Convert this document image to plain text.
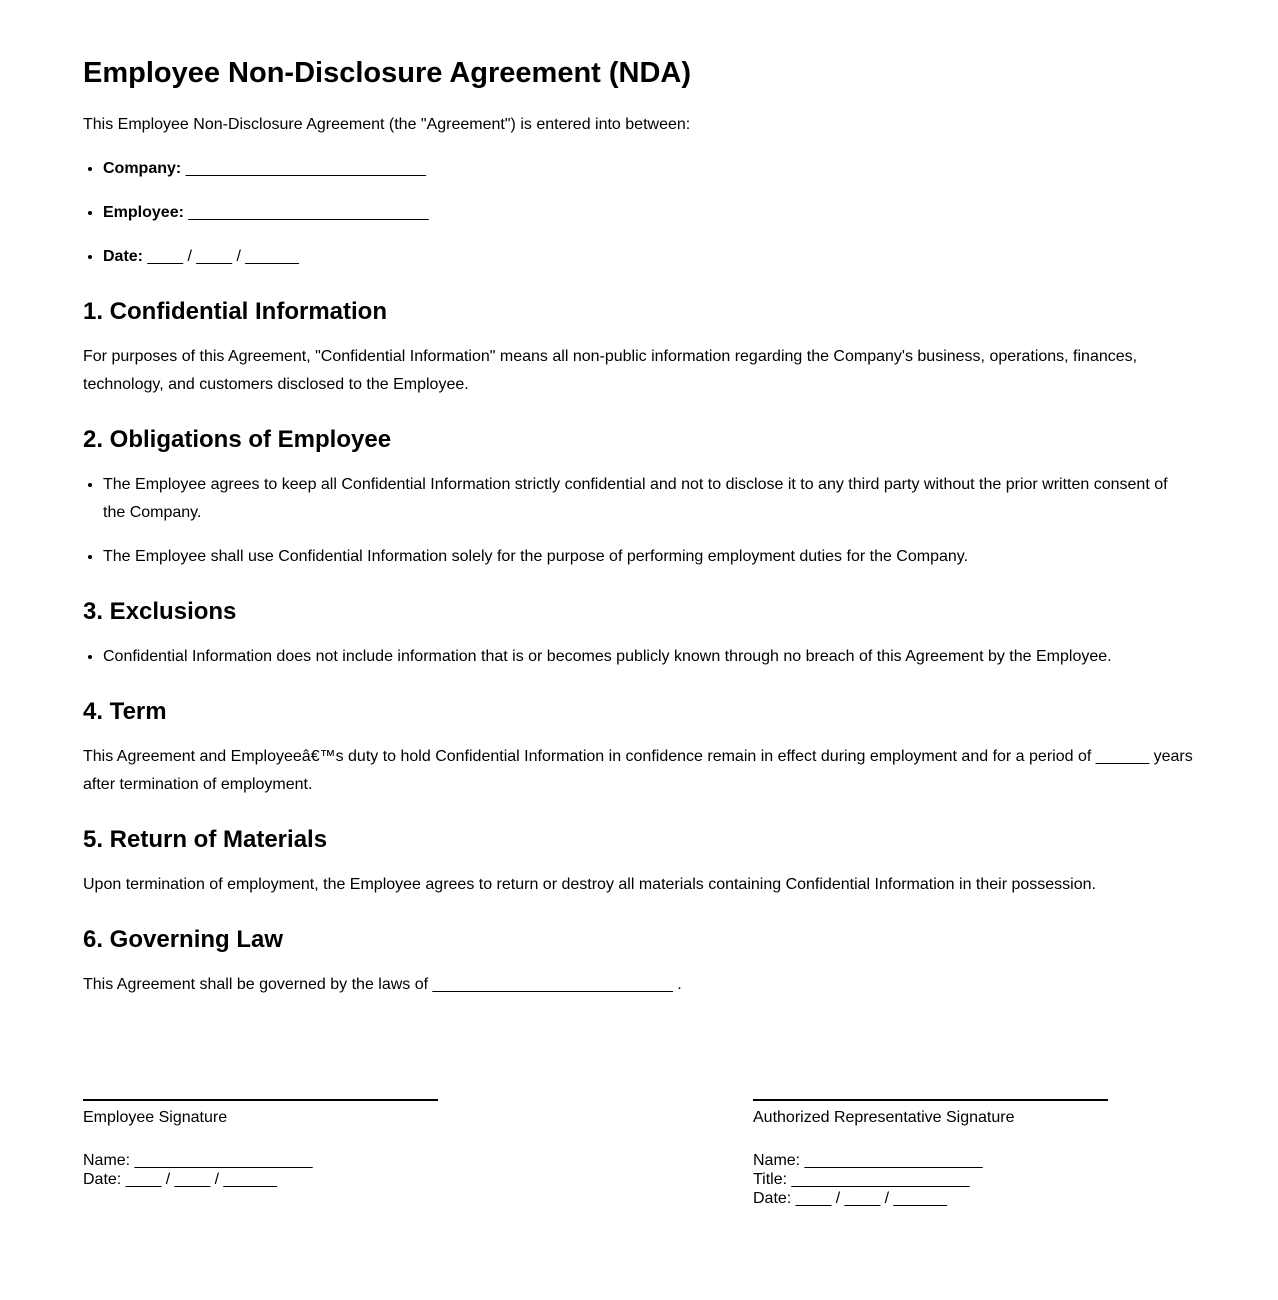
Employee Non-Disclosure Agreement (NDA)

This Employee Non-Disclosure Agreement (the "Agreement") is entered into between:

• Company: ___________________________
• Employee: ___________________________
• Date: ____ / ____ / ______
1. Confidential Information

For purposes of this Agreement, "Confidential Information" means all non-public information regarding the Company's business, operations, finances, technology, and customers disclosed to the Employee.

2. Obligations of Employee
• The Employee agrees to keep all Confidential Information strictly confidential and not to disclose it to any third party without the prior written consent of the Company.
• The Employee shall use Confidential Information solely for the purpose of performing employment duties for the Company.
3. Exclusions
• Confidential Information does not include information that is or becomes publicly known through no breach of this Agreement by the Employee.
4. Term

This Agreement and Employeeâ€™s duty to hold Confidential Information in confidence remain in effect during employment and for a period of ______ years after termination of employment.

5. Return of Materials

Upon termination of employment, the Employee agrees to return or destroy all materials containing Confidential Information in their possession.

6. Governing Law

This Agreement shall be governed by the laws of ___________________________ .

Employee Signature
Name: ____________________
Date: ____ / ____ / ______
Authorized Representative Signature
Name: ____________________
Title: ____________________
Date: ____ / ____ / ______
